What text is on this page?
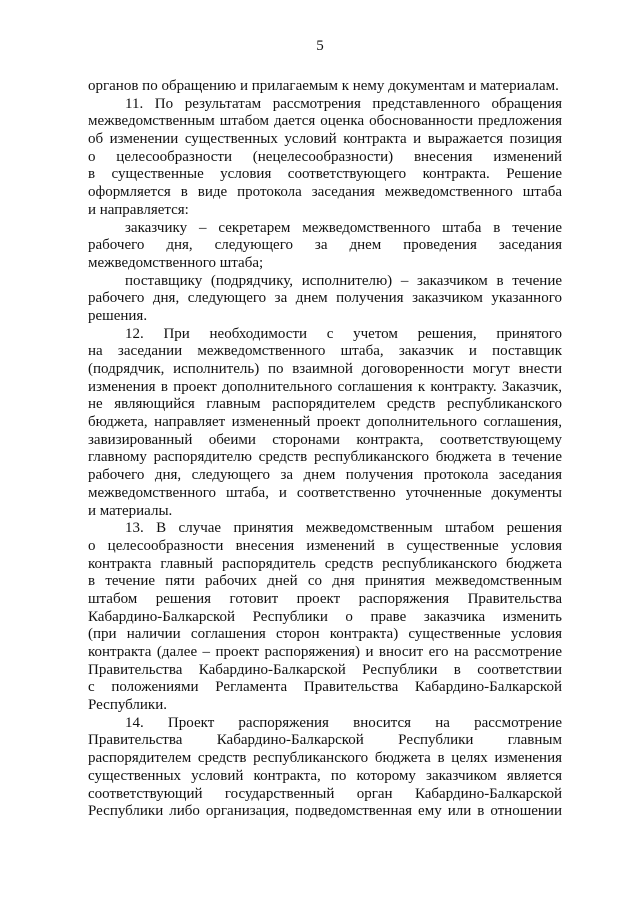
5
органов по обращению и прилагаемым к нему документам и материалам.
11. По результатам рассмотрения представленного обращения
межведомственным штабом дается оценка обоснованности предложения
об изменении существенных условий контракта и выражается позиция
о целесообразности (нецелесообразности) внесения изменений
в существенные условия соответствующего контракта. Решение
оформляется в виде протокола заседания межведомственного штаба
и направляется:
заказчику – секретарем межведомственного штаба в течение
рабочего дня, следующего за днем проведения заседания
межведомственного штаба;
поставщику (подрядчику, исполнителю) – заказчиком в течение
рабочего дня, следующего за днем получения заказчиком указанного
решения.
12. При необходимости с учетом решения, принятого
на заседании межведомственного штаба, заказчик и поставщик
(подрядчик, исполнитель) по взаимной договоренности могут внести
изменения в проект дополнительного соглашения к контракту. Заказчик,
не являющийся главным распорядителем средств республиканского
бюджета, направляет измененный проект дополнительного соглашения,
завизированный обеими сторонами контракта, соответствующему
главному распорядителю средств республиканского бюджета в течение
рабочего дня, следующего за днем получения протокола заседания
межведомственного штаба, и соответственно уточненные документы
и материалы.
13. В случае принятия межведомственным штабом решения
о целесообразности внесения изменений в существенные условия
контракта главный распорядитель средств республиканского бюджета
в течение пяти рабочих дней со дня принятия межведомственным
штабом решения готовит проект распоряжения Правительства
Кабардино-Балкарской Республики о праве заказчика изменить
(при наличии соглашения сторон контракта) существенные условия
контракта (далее – проект распоряжения) и вносит его на рассмотрение
Правительства Кабардино-Балкарской Республики в соответствии
с положениями Регламента Правительства Кабардино-Балкарской
Республики.
14. Проект распоряжения вносится на рассмотрение
Правительства Кабардино-Балкарской Республики главным
распорядителем средств республиканского бюджета в целях изменения
существенных условий контракта, по которому заказчиком является
соответствующий государственный орган Кабардино-Балкарской
Республики либо организация, подведомственная ему или в отношении
